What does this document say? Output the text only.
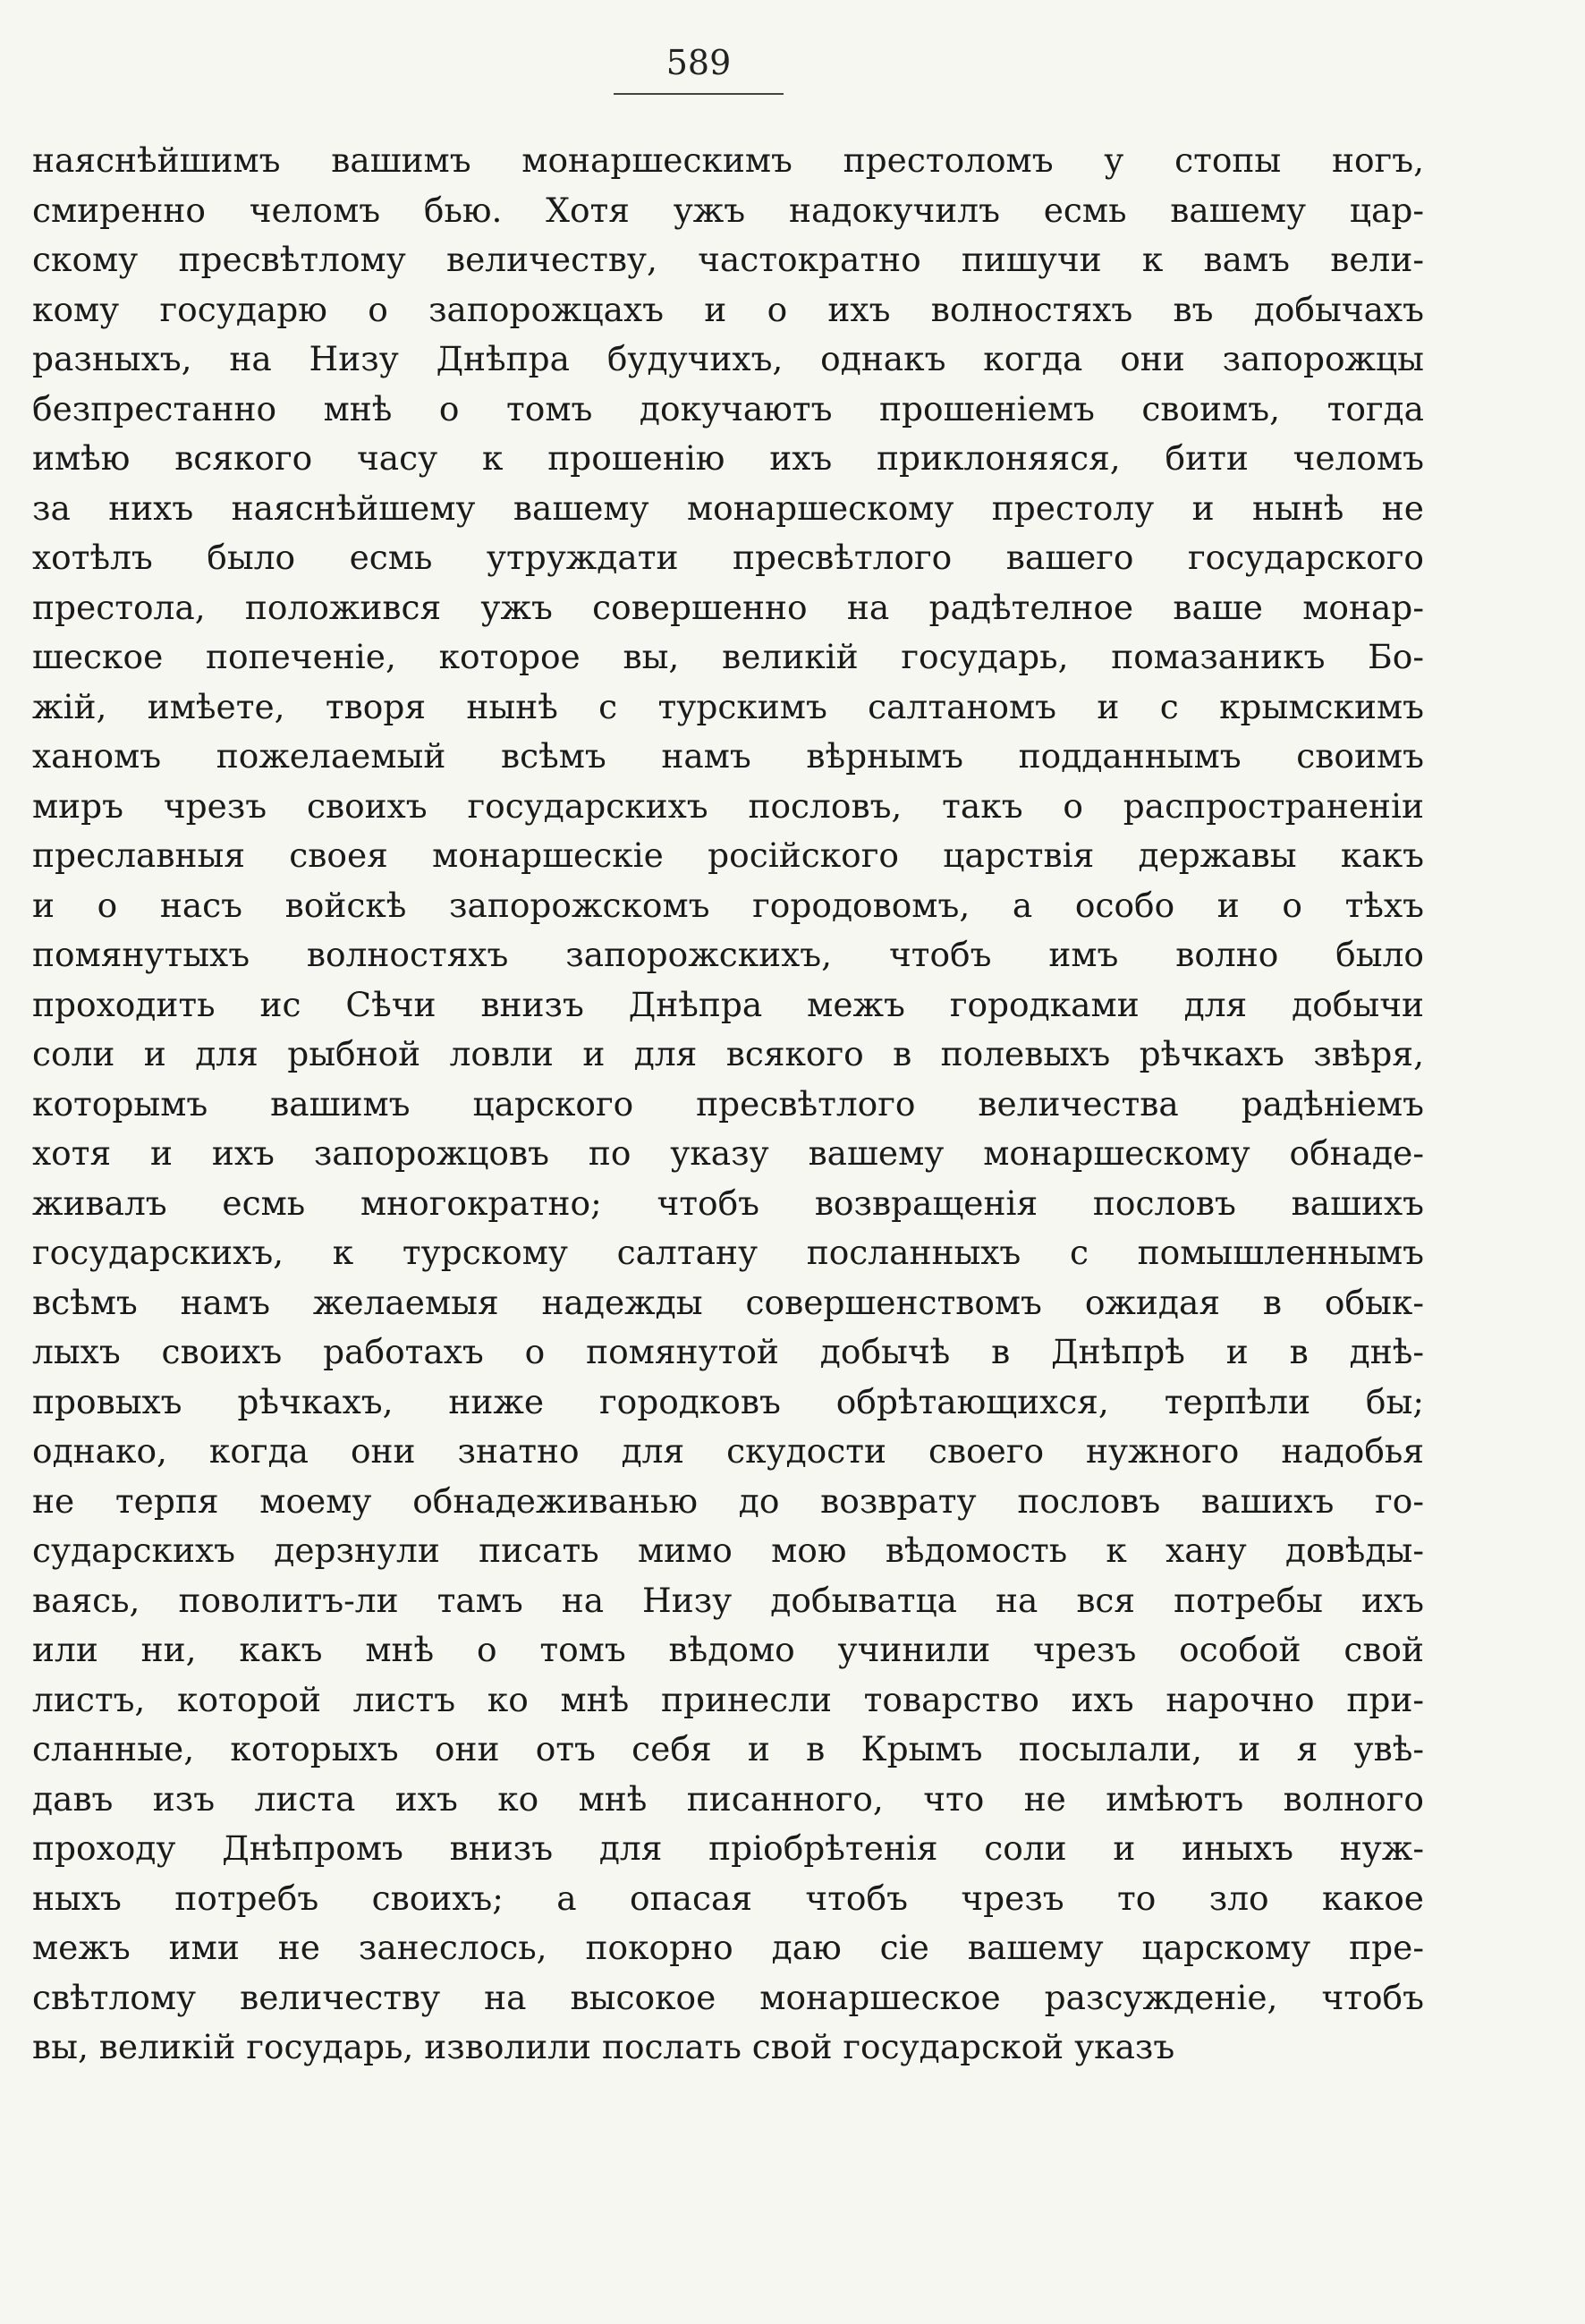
589
наяснѣйшимъ вашимъ монаршескимъ престоломъ у стопы ногъ,
смиренно челомъ бью. Хотя ужъ надокучилъ есмь вашему цар-
скому пресвѣтлому величеству, частократно пишучи к вамъ вели-
кому государю о запорожцахъ и о ихъ волностяхъ въ добычахъ
разныхъ, на Низу Днѣпра будучихъ, однакъ когда они запорожцы
безпрестанно мнѣ о томъ докучаютъ прошеніемъ своимъ, тогда
имѣю всякого часу к прошенію ихъ приклоняяся, бити челомъ
за нихъ наяснѣйшему вашему монаршескому престолу и нынѣ не
хотѣлъ было есмь утруждати пресвѣтлого вашего государского
престола, положився ужъ совершенно на радѣтелное ваше монар-
шеское попеченіе, которое вы, великій государь, помазаникъ Бо-
жій, имѣете, творя нынѣ с турскимъ салтаномъ и с крымскимъ
ханомъ пожелаемый всѣмъ намъ вѣрнымъ подданнымъ своимъ
миръ чрезъ своихъ государскихъ пословъ, такъ о распространеніи
преславныя своея монаршескіе російского царствія державы какъ
и о насъ войскѣ запорожскомъ городовомъ, а особо и о тѣхъ
помянутыхъ волностяхъ запорожскихъ, чтобъ имъ волно было
проходить ис Сѣчи внизъ Днѣпра межъ городками для добычи
соли и для рыбной ловли и для всякого в полевыхъ рѣчкахъ звѣря,
которымъ вашимъ царского пресвѣтлого величества радѣніемъ
хотя и ихъ запорожцовъ по указу вашему монаршескому обнаде-
живалъ есмь многократно; чтобъ возвращенія пословъ вашихъ
государскихъ, к турскому салтану посланныхъ с помышленнымъ
всѣмъ намъ желаемыя надежды совершенствомъ ожидая в обык-
лыхъ своихъ работахъ о помянутой добычѣ в Днѣпрѣ и в днѣ-
провыхъ рѣчкахъ, ниже городковъ обрѣтающихся, терпѣли бы;
однако, когда они знатно для скудости своего нужного надобья
не терпя моему обнадеживанью до возврату пословъ вашихъ го-
сударскихъ дерзнули писать мимо мою вѣдомость к хану довѣды-
ваясь, поволитъ-ли тамъ на Низу добыватца на вся потребы ихъ
или ни, какъ мнѣ о томъ вѣдомо учинили чрезъ особой свой
листъ, которой листъ ко мнѣ принесли товарство ихъ нарочно при-
сланные, которыхъ они отъ себя и в Крымъ посылали, и я увѣ-
давъ изъ листа ихъ ко мнѣ писанного, что не имѣютъ волного
проходу Днѣпромъ внизъ для пріобрѣтенія соли и иныхъ нуж-
ныхъ потребъ своихъ; а опасая чтобъ чрезъ то зло какое
межъ ими не занеслось, покорно даю сіе вашему царскому пре-
свѣтлому величеству на высокое монаршеское разсужденіе, чтобъ
вы, великій государь, изволили послать свой государской указъ
